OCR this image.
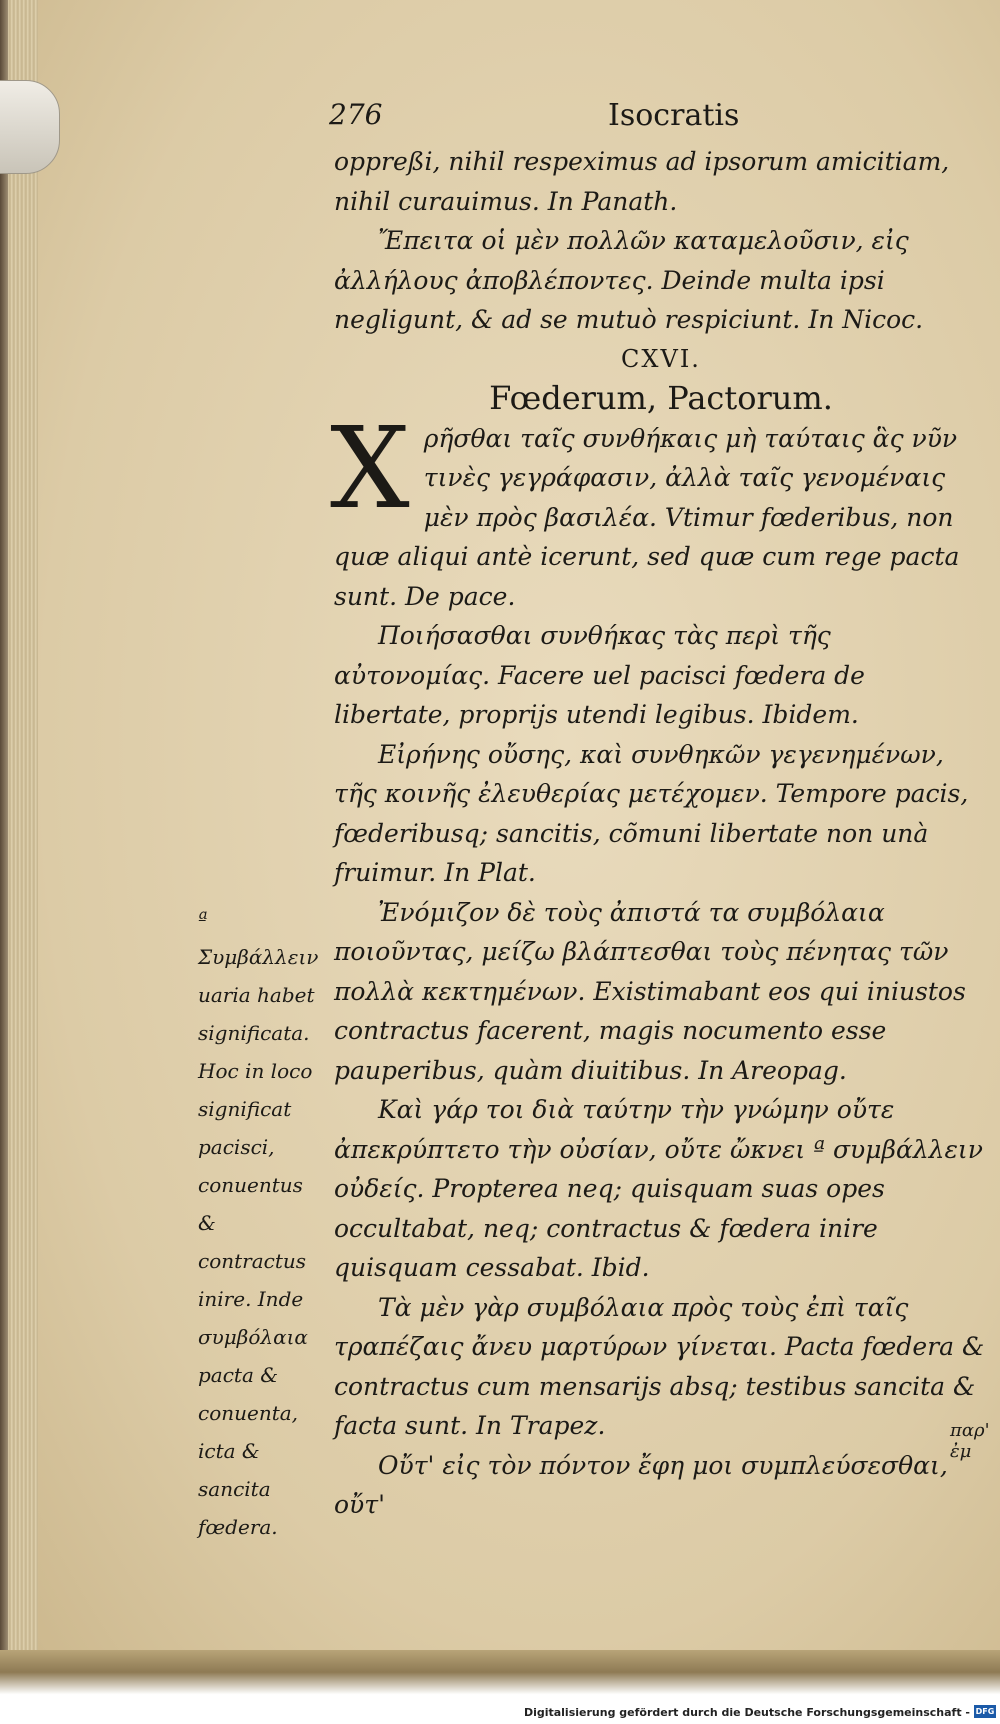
276	Isocratis

oppreßi, nihil respeximus ad ipsorum amicitiam, nihil curauimus. In Panath.

Ἔπειτα οἱ μὲν πολλῶν καταμελοῦσιν, εἰς ἀλλήλους ἀποβλέποντες. Deinde multa ipsi negligunt, & ad se mutuò respiciunt. In Nicoc.

CXVI.

Fœderum, Pactorum.

X ρῆσθαι ταῖς συνθήκαις μὴ ταύταις ἃς νῦν τινὲς γεγράφασιν, ἀλλὰ ταῖς γενομέναις μὲν πρὸς βασιλέα. Vtimur fœderibus, non quæ aliqui antè icerunt, sed quæ cum rege pacta sunt. De pace.

Ποιήσασθαι συνθήκας τὰς περὶ τῆς αὐτονομίας. Facere uel pacisci fœdera de libertate, proprijs utendi legibus. Ibidem.

Εἰρήνης οὔσης, καὶ συνθηκῶν γεγενημένων, τῆς κοινῆς ἐλευθερίας μετέχομεν. Tempore pacis, fœderibusq; sancitis, cõmuni libertate non unà fruimur. In Plat.

Ἐνόμιζον δὲ τοὺς ἀπιστά τα συμβόλαια ποιοῦντας, μείζω βλάπτεσθαι τοὺς πένητας τῶν πολλὰ κεκτημένων. Existimabant eos qui iniustos contractus facerent, magis nocumento esse pauperibus, quàm diuitibus. In Areopag.

Καὶ γάρ τοι διὰ ταύτην τὴν γνώμην οὔτε ἀπεκρύπτετο τὴν οὐσίαν, οὔτε ὤκνει ª συμβάλλειν οὐδείς. Propterea neq; quisquam suas opes occultabat, neq; contractus & fœdera inire quisquam cessabat. Ibid.

Τὰ μὲν γὰρ συμβόλαια πρὸς τοὺς ἐπὶ ταῖς τραπέζαις ἄνευ μαρτύρων γίνεται. Pacta fœdera & contractus cum mensarijs absq; testibus sancita & facta sunt. In Trapez.

Οὔτ' εἰς τὸν πόντον ἔφη μοι συμπλεύσεσθαι, οὔτ'

ª Συμβάλλειν uaria habet significata. Hoc in loco significat pacisci, conuentus & contractus inire. Inde συμβόλαια pacta & conuenta, icta & sancita fœdera.
παρ' ἐμ
Digitalisierung gefördert durch die Deutsche Forschungsgemeinschaft - DFG
